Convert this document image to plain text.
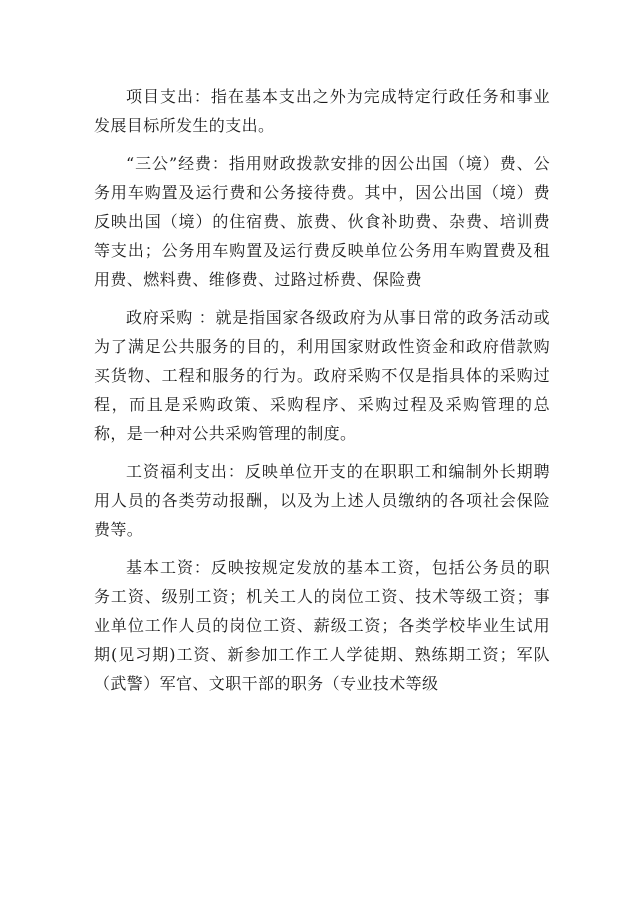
项目支出：指在基本支出之外为完成特定行政任务和事业发展目标所发生的支出。

“三公”经费：指用财政拨款安排的因公出国（境）费、公务用车购置及运行费和公务接待费。其中，因公出国（境）费反映出国（境）的住宿费、旅费、伙食补助费、杂费、培训费等支出；公务用车购置及运行费反映单位公务用车购置费及租用费、燃料费、维修费、过路过桥费、保险费

政府采购 ：就是指国家各级政府为从事日常的政务活动或为了满足公共服务的目的，利用国家财政性资金和政府借款购买货物、工程和服务的行为。政府采购不仅是指具体的采购过程，而且是采购政策、采购程序、采购过程及采购管理的总称，是一种对公共采购管理的制度。

工资福利支出：反映单位开支的在职职工和编制外长期聘用人员的各类劳动报酬，以及为上述人员缴纳的各项社会保险费等。

基本工资：反映按规定发放的基本工资，包括公务员的职务工资、级别工资；机关工人的岗位工资、技术等级工资；事业单位工作人员的岗位工资、薪级工资；各类学校毕业生试用期(见习期)工资、新参加工作工人学徒期、熟练期工资；军队（武警）军官、文职干部的职务（专业技术等级
